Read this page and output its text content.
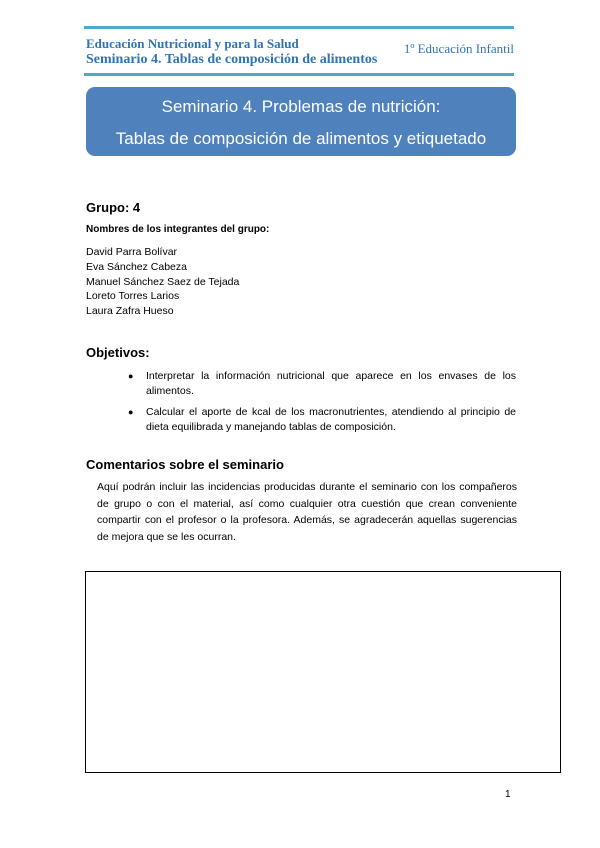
Educación Nutricional y para la Salud
Seminario 4. Tablas de composición de alimentos
1º Educación Infantil
Seminario 4. Problemas de nutrición:
Tablas de composición de alimentos y etiquetado
Grupo: 4
Nombres de los integrantes del grupo:
David Parra Bolívar
Eva Sánchez Cabeza
Manuel Sánchez Saez de Tejada
Loreto Torres Larios
Laura Zafra Hueso
Objetivos:
● Interpretar la información nutricional que aparece en los envases de los alimentos.
● Calcular el aporte de kcal de los macronutrientes, atendiendo al principio de dieta equilibrada y manejando tablas de composición.
Comentarios sobre el seminario

Aquí podrán incluir las incidencias producidas durante el seminario con los compañeros de grupo o con el material, así como cualquier otra cuestión que crean conveniente compartir con el profesor o la profesora. Además, se agradecerán aquellas sugerencias de mejora que se les ocurran.

1
